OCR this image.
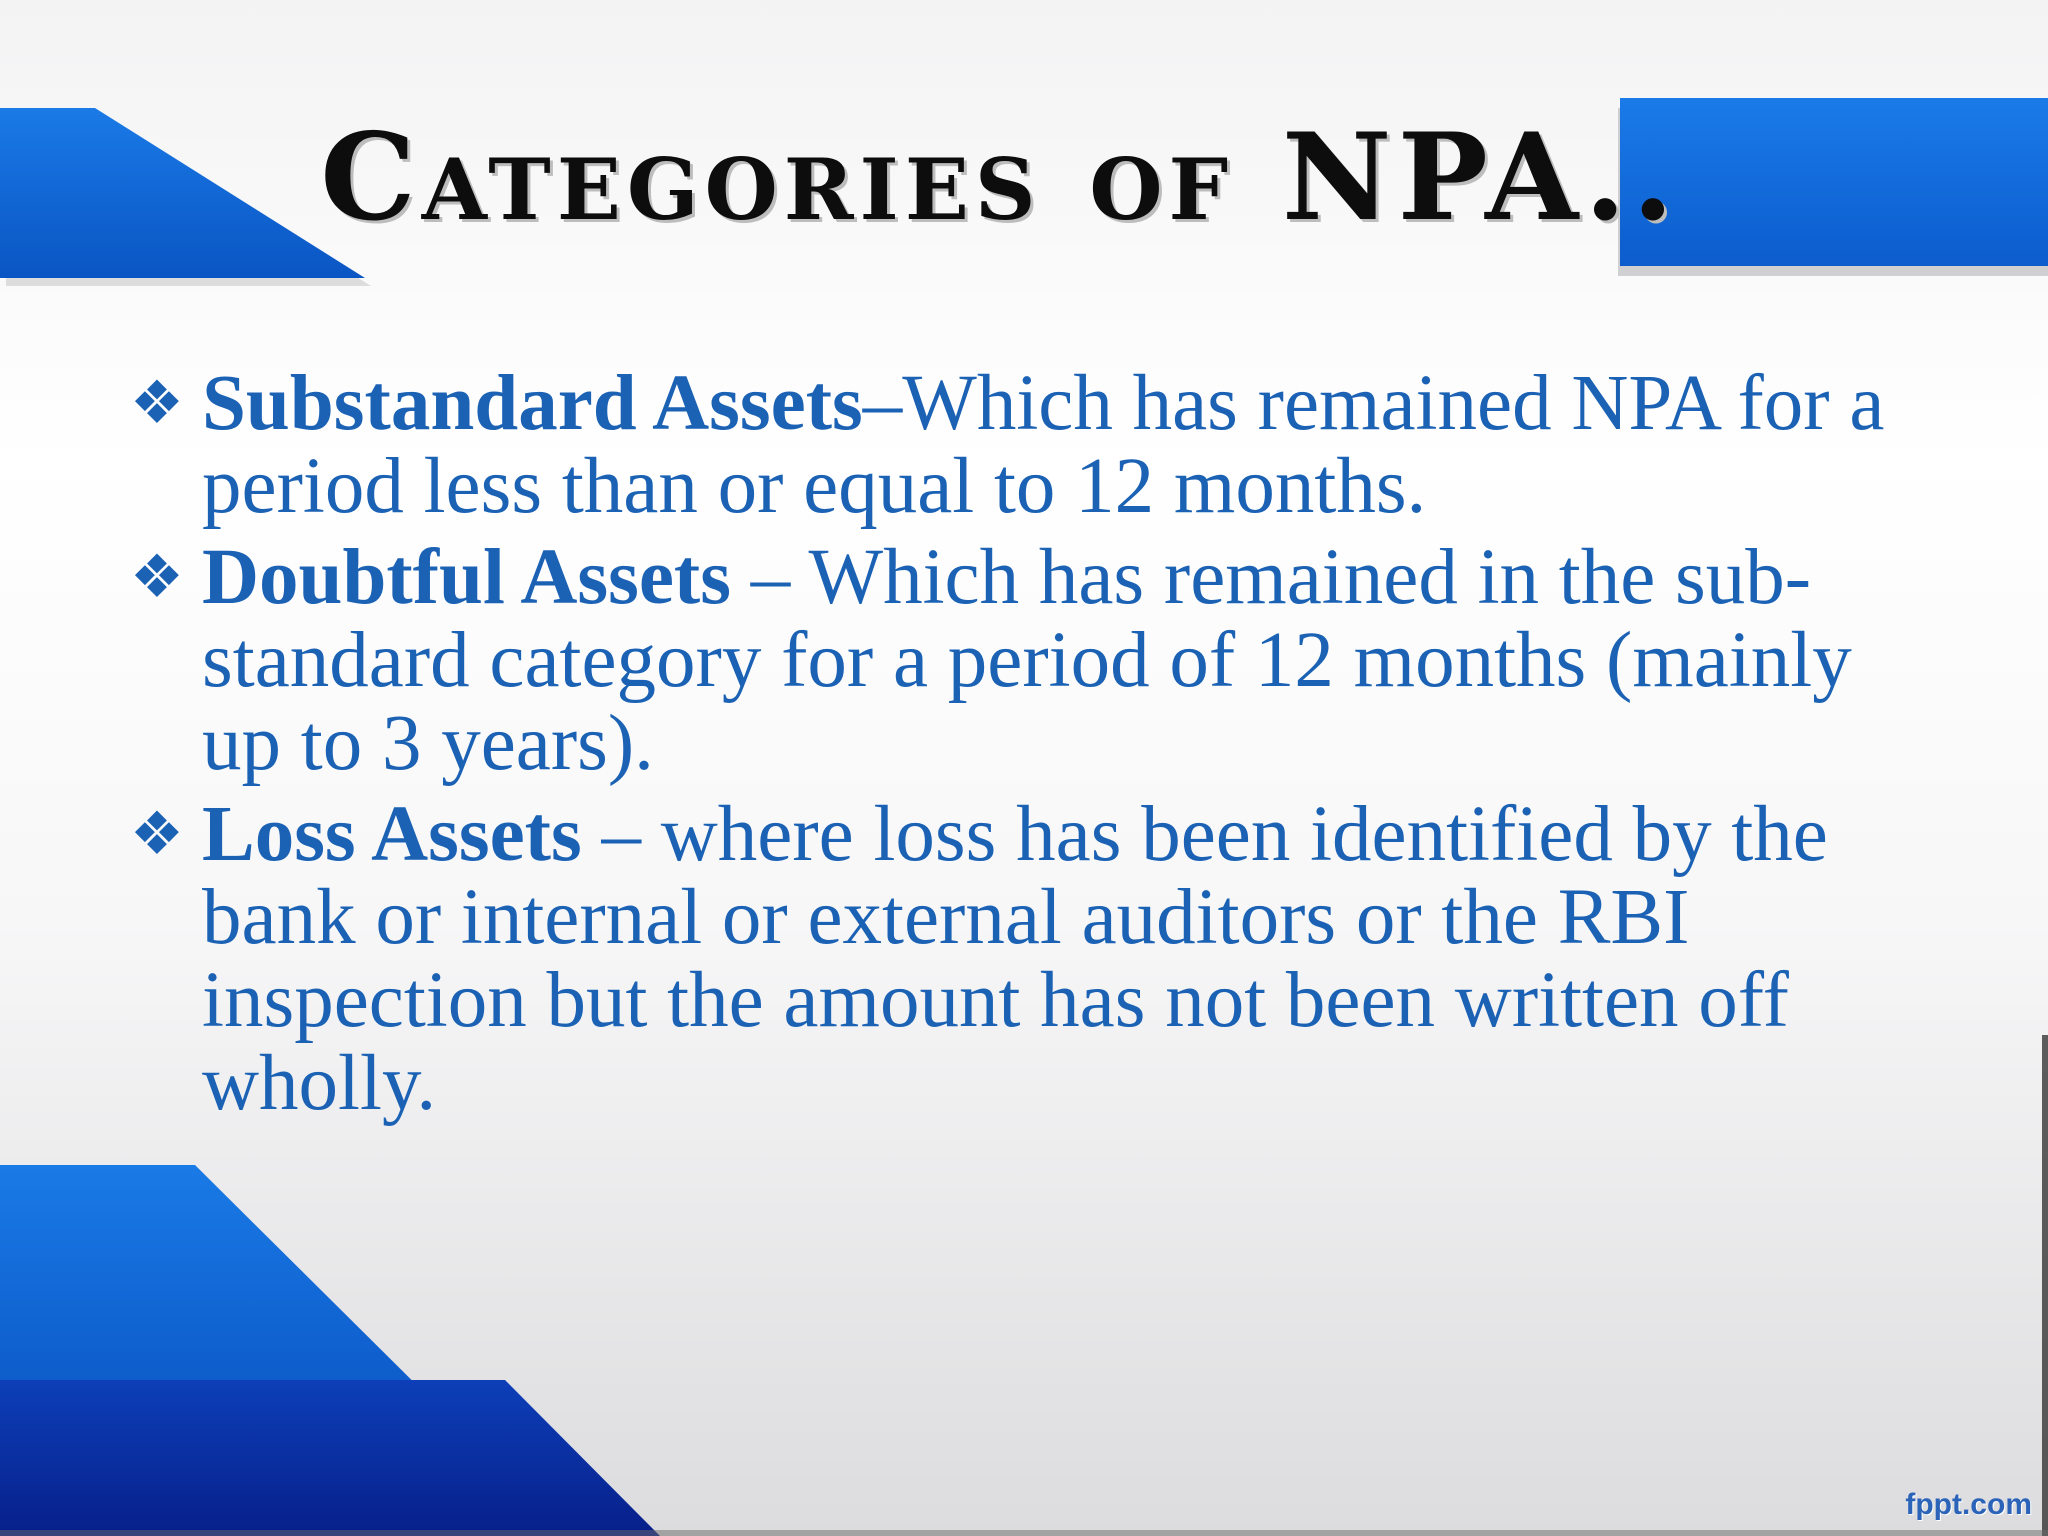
Categories of NPA..
❖ Substandard Assets–Which has remained NPA for a period less than or equal to 12 months.
❖ Doubtful Assets – Which has remained in the sub-standard category for a period of 12 months (mainly up to 3 years).
❖ Loss Assets – where loss has been identified by the bank or internal or external auditors or the RBI inspection but the amount has not been written off wholly.
fppt.com
